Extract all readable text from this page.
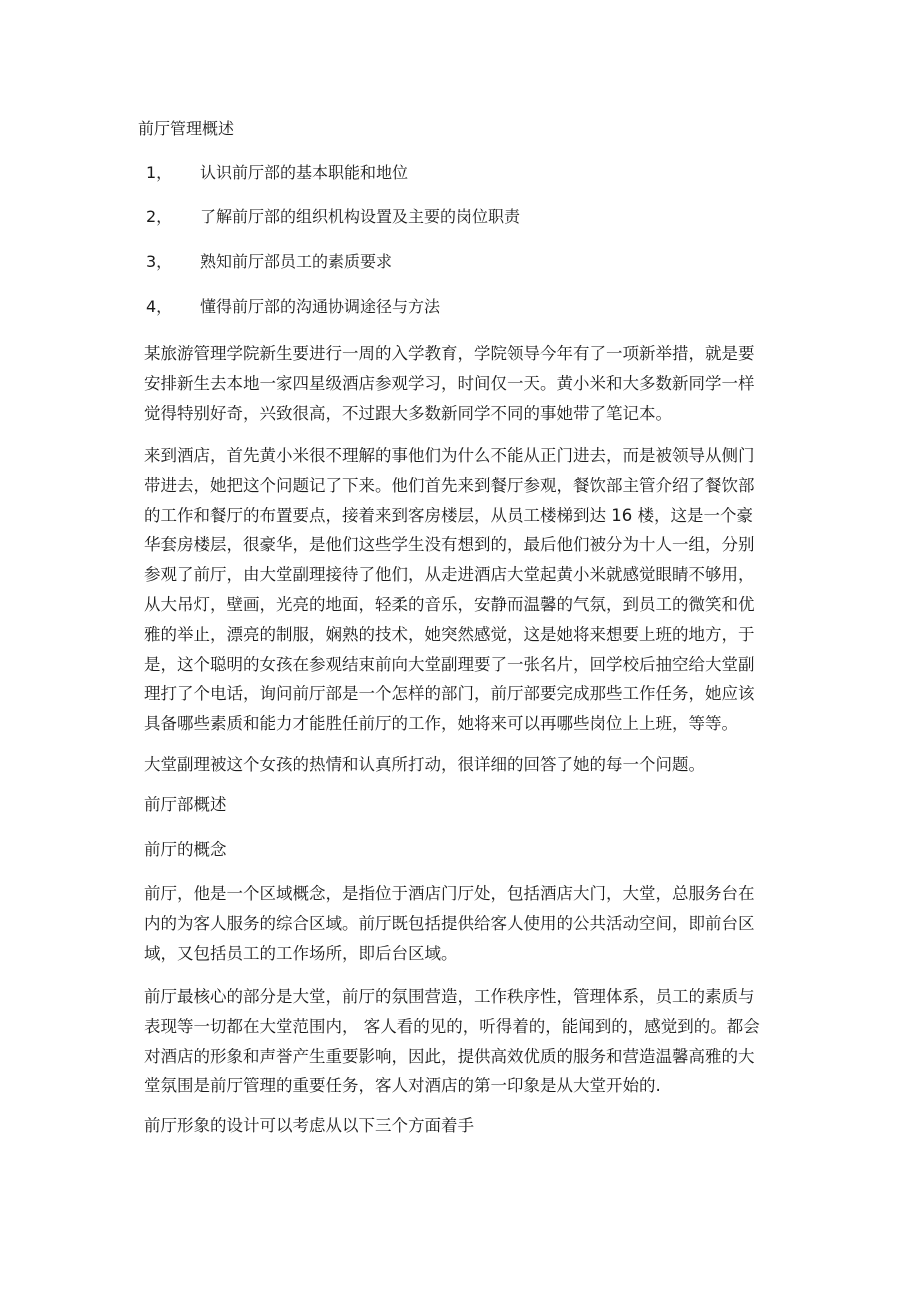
前厅管理概述
1， 认识前厅部的基本职能和地位
2， 了解前厅部的组织机构设置及主要的岗位职责
3， 熟知前厅部员工的素质要求
4， 懂得前厅部的沟通协调途径与方法

某旅游管理学院新生要进行一周的入学教育，学院领导今年有了一项新举措，就是要
安排新生去本地一家四星级酒店参观学习，时间仅一天。黄小米和大多数新同学一样
觉得特别好奇，兴致很高，不过跟大多数新同学不同的事她带了笔记本。

来到酒店，首先黄小米很不理解的事他们为什么不能从正门进去，而是被领导从侧门
带进去，她把这个问题记了下来。他们首先来到餐厅参观，餐饮部主管介绍了餐饮部
的工作和餐厅的布置要点，接着来到客房楼层，从员工楼梯到达 16 楼，这是一个豪
华套房楼层，很豪华，是他们这些学生没有想到的，最后他们被分为十人一组，分别
参观了前厅，由大堂副理接待了他们，从走进酒店大堂起黄小米就感觉眼睛不够用，
从大吊灯，壁画，光亮的地面，轻柔的音乐，安静而温馨的气氛，到员工的微笑和优
雅的举止，漂亮的制服，娴熟的技术，她突然感觉，这是她将来想要上班的地方，于
是，这个聪明的女孩在参观结束前向大堂副理要了一张名片，回学校后抽空给大堂副
理打了个电话，询问前厅部是一个怎样的部门，前厅部要完成那些工作任务，她应该
具备哪些素质和能力才能胜任前厅的工作，她将来可以再哪些岗位上上班，等等。

大堂副理被这个女孩的热情和认真所打动，很详细的回答了她的每一个问题。

前厅部概述
前厅的概念

前厅，他是一个区域概念，是指位于酒店门厅处，包括酒店大门，大堂，总服务台在
内的为客人服务的综合区域。前厅既包括提供给客人使用的公共活动空间，即前台区
域，又包括员工的工作场所，即后台区域。

前厅最核心的部分是大堂，前厅的氛围营造，工作秩序性，管理体系，员工的素质与
表现等一切都在大堂范围内， 客人看的见的，听得着的，能闻到的，感觉到的。都会
对酒店的形象和声誉产生重要影响，因此，提供高效优质的服务和营造温馨高雅的大
堂氛围是前厅管理的重要任务，客人对酒店的第一印象是从大堂开始的.

前厅形象的设计可以考虑从以下三个方面着手
